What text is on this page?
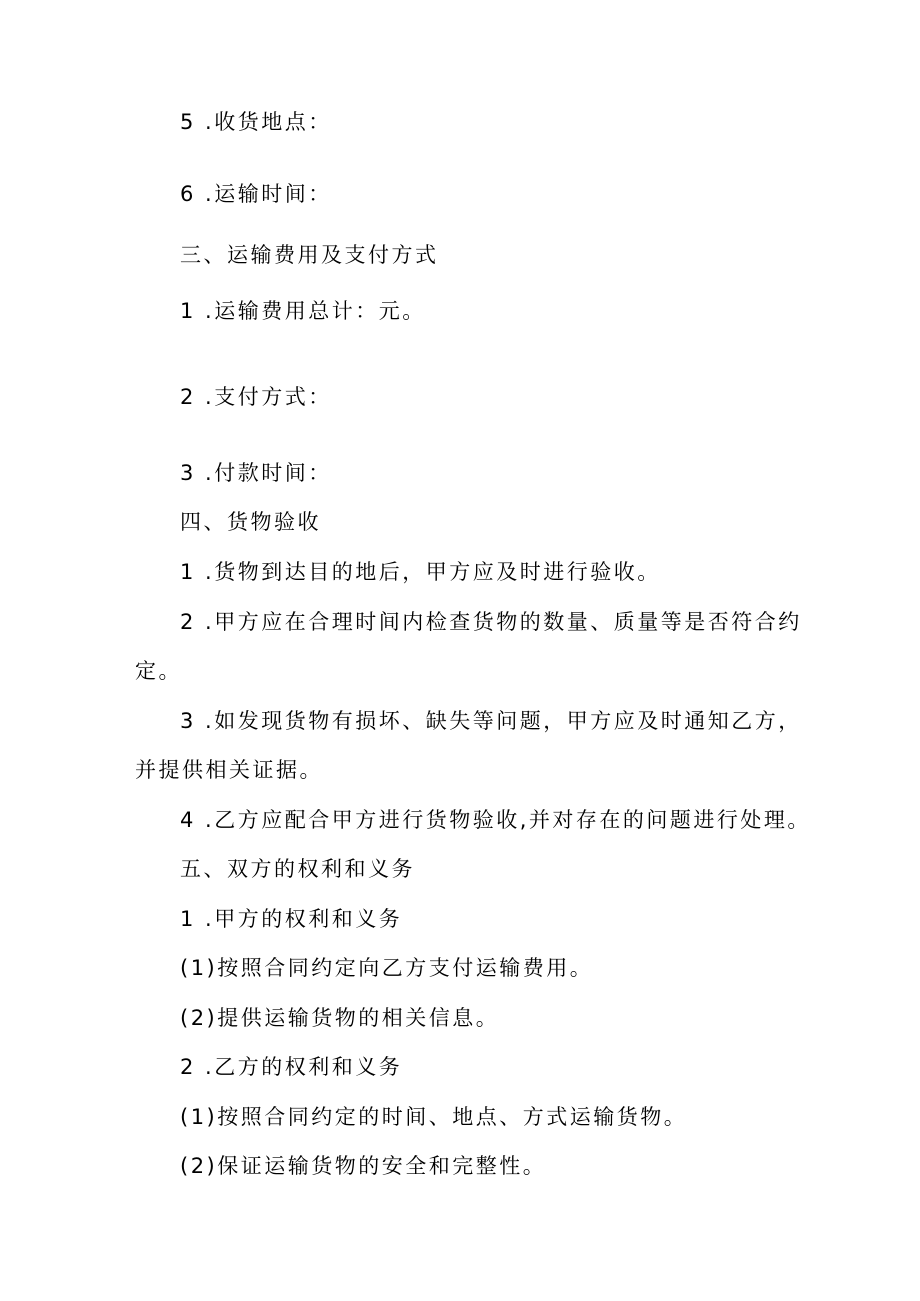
5 .收货地点：
6 .运输时间：
三、运输费用及支付方式
1 .运输费用总计：元。
2 .支付方式：
3 .付款时间：
四、货物验收
1 .货物到达目的地后，甲方应及时进行验收。
2 .甲方应在合理时间内检查货物的数量、质量等是否符合约
定。
3 .如发现货物有损坏、缺失等问题，甲方应及时通知乙方，
并提供相关证据。
4 .乙方应配合甲方进行货物验收,并对存在的问题进行处理。
五、双方的权利和义务
1 .甲方的权利和义务
(1)按照合同约定向乙方支付运输费用。
(2)提供运输货物的相关信息。
2 .乙方的权利和义务
(1)按照合同约定的时间、地点、方式运输货物。
(2)保证运输货物的安全和完整性。
